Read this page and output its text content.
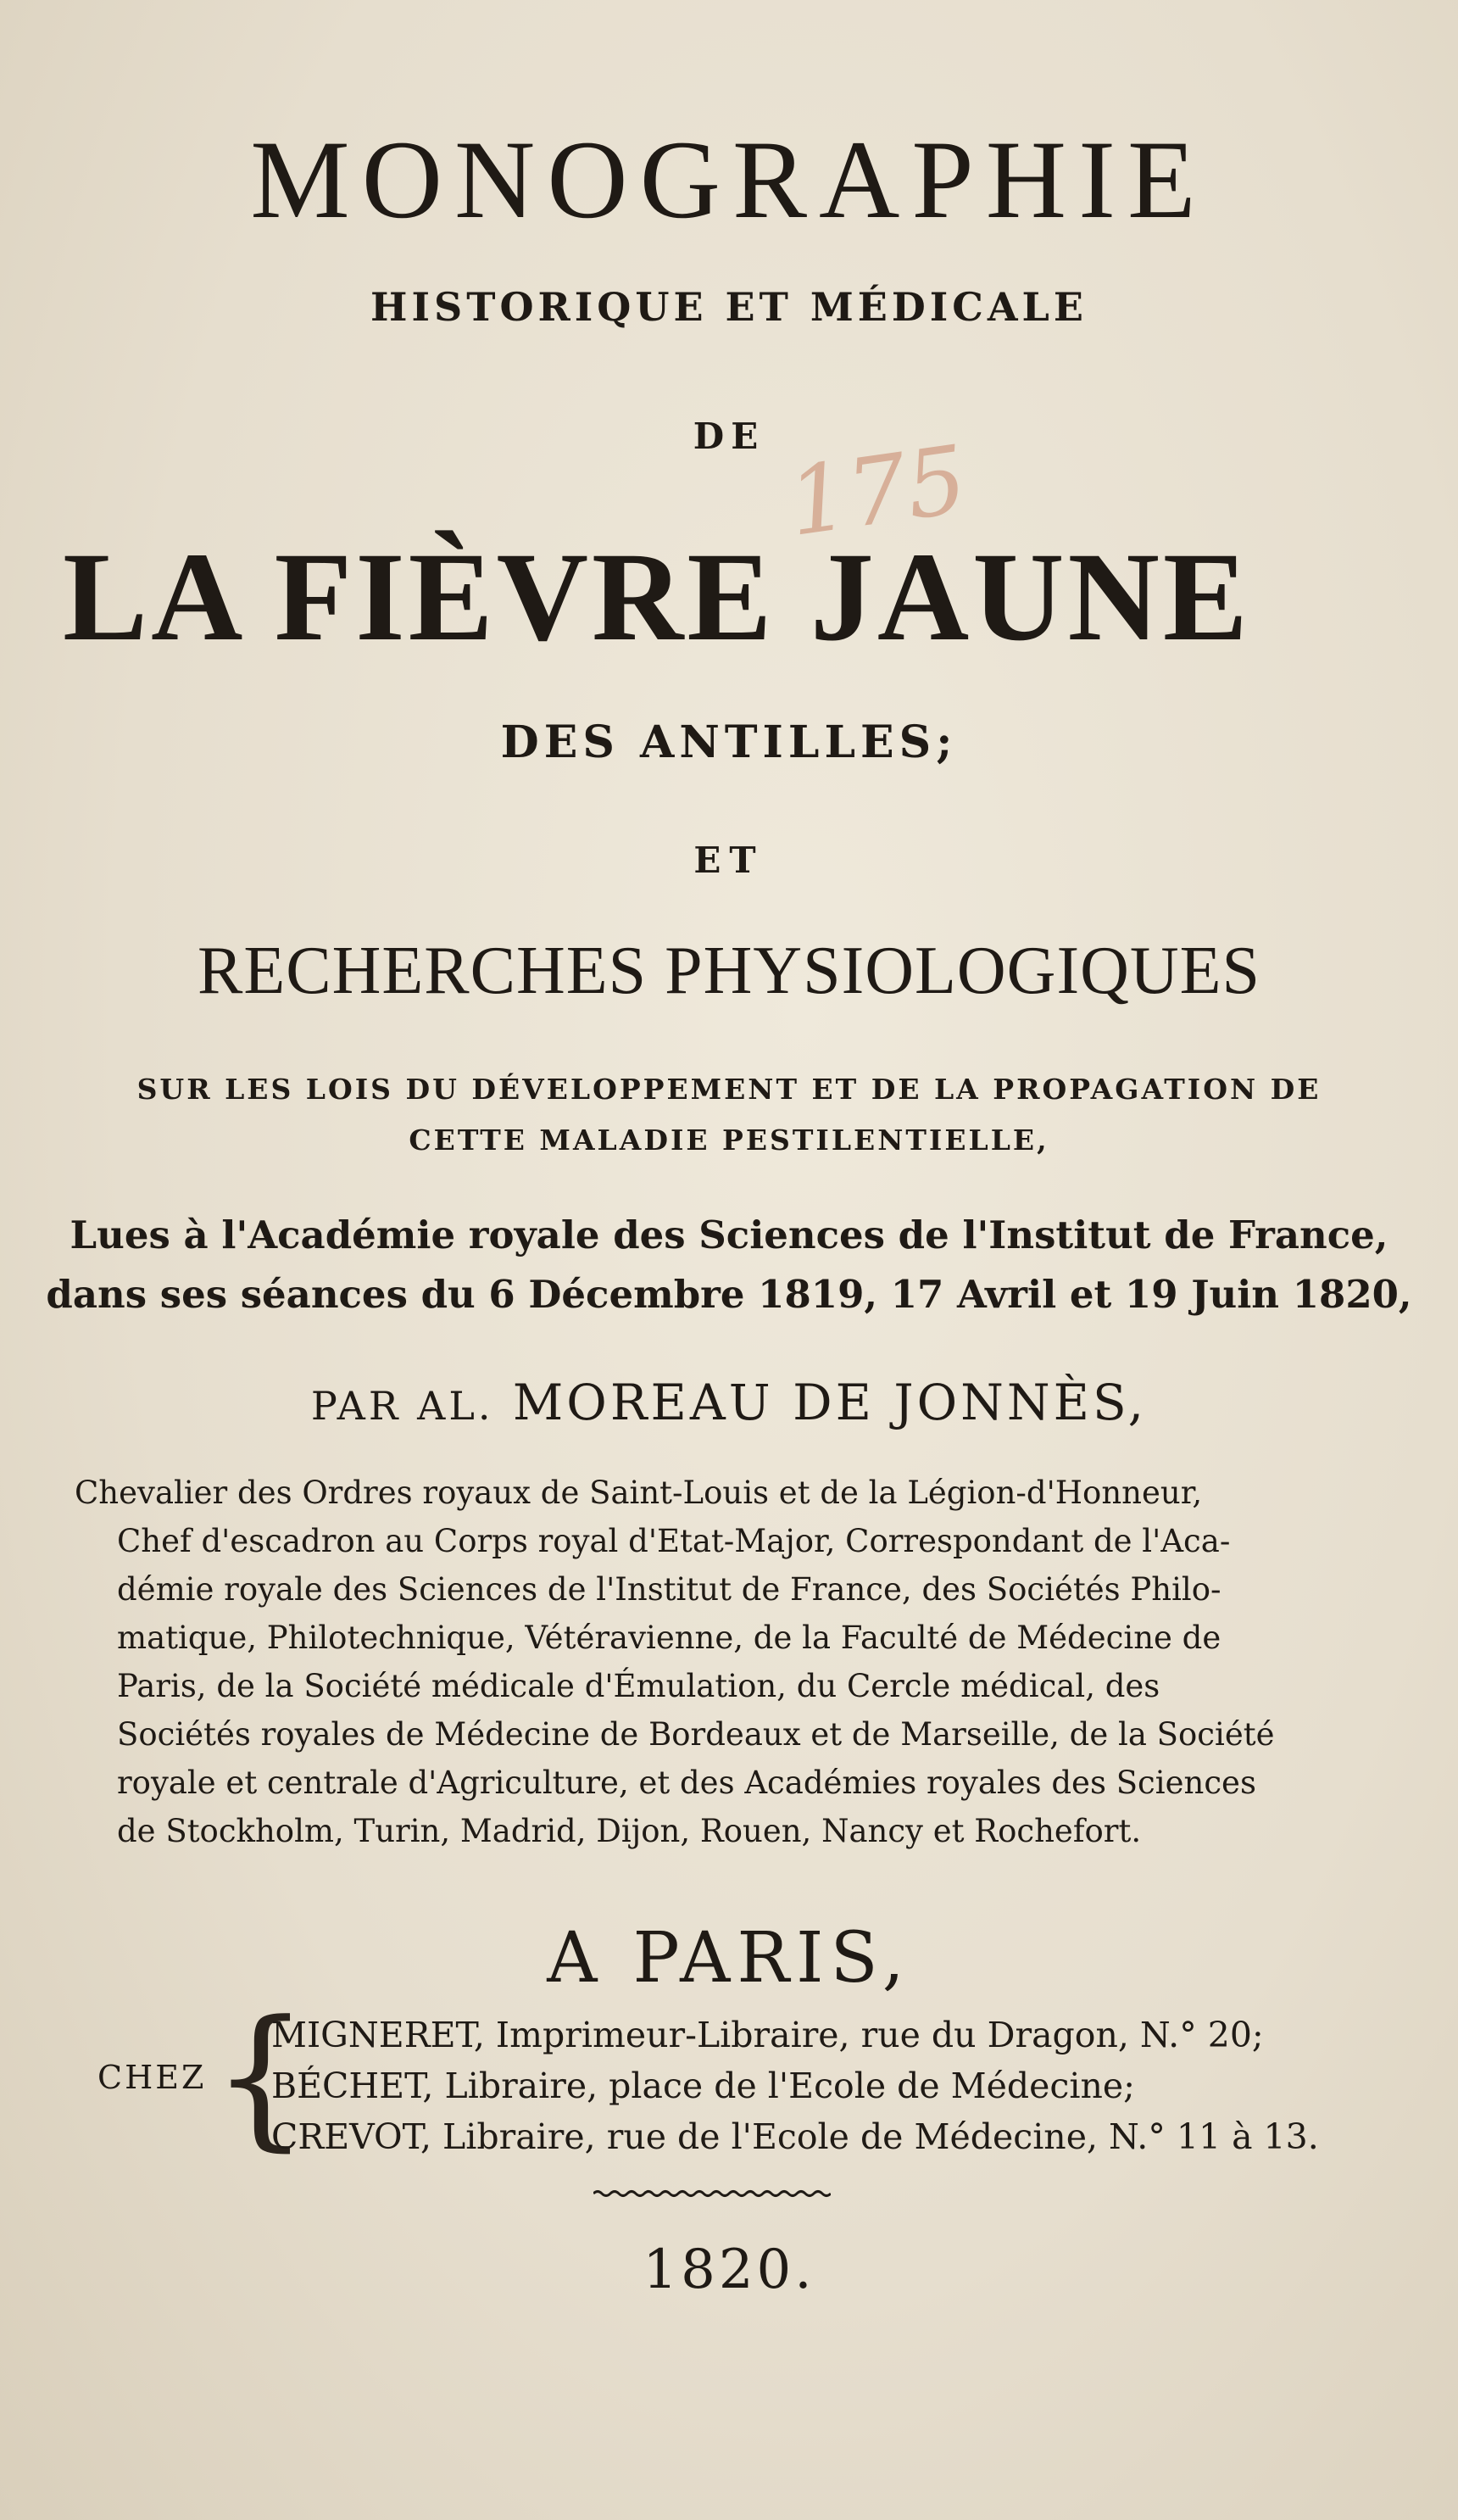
175
MONOGRAPHIE
HISTORIQUE ET MÉDICALE
DE
LA FIÈVRE JAUNE
DES ANTILLES;
ET
RECHERCHES PHYSIOLOGIQUES
SUR LES LOIS DU DÉVELOPPEMENT ET DE LA PROPAGATION DE
CETTE MALADIE PESTILENTIELLE,
Lues à l'Académie royale des Sciences de l'Institut de France,
dans ses séances du 6 Décembre 1819, 17 Avril et 19 Juin 1820,
PAR AL. MOREAU DE JONNÈS,
Chevalier des Ordres royaux de Saint-Louis et de la Légion-d'Honneur,
Chef d'escadron au Corps royal d'Etat-Major, Correspondant de l'Aca-
démie royale des Sciences de l'Institut de France, des Sociétés Philo-
matique, Philotechnique, Vétéravienne, de la Faculté de Médecine de
Paris, de la Société médicale d'Émulation, du Cercle médical, des
Sociétés royales de Médecine de Bordeaux et de Marseille, de la Société
royale et centrale d'Agriculture, et des Académies royales des Sciences
de Stockholm, Turin, Madrid, Dijon, Rouen, Nancy et Rochefort.
A PARIS,
CHEZ {
MIGNERET, Imprimeur-Libraire, rue du Dragon, N.° 20;
BÉCHET, Libraire, place de l'Ecole de Médecine;
CREVOT, Libraire, rue de l'Ecole de Médecine, N.° 11 à 13.
1820.
